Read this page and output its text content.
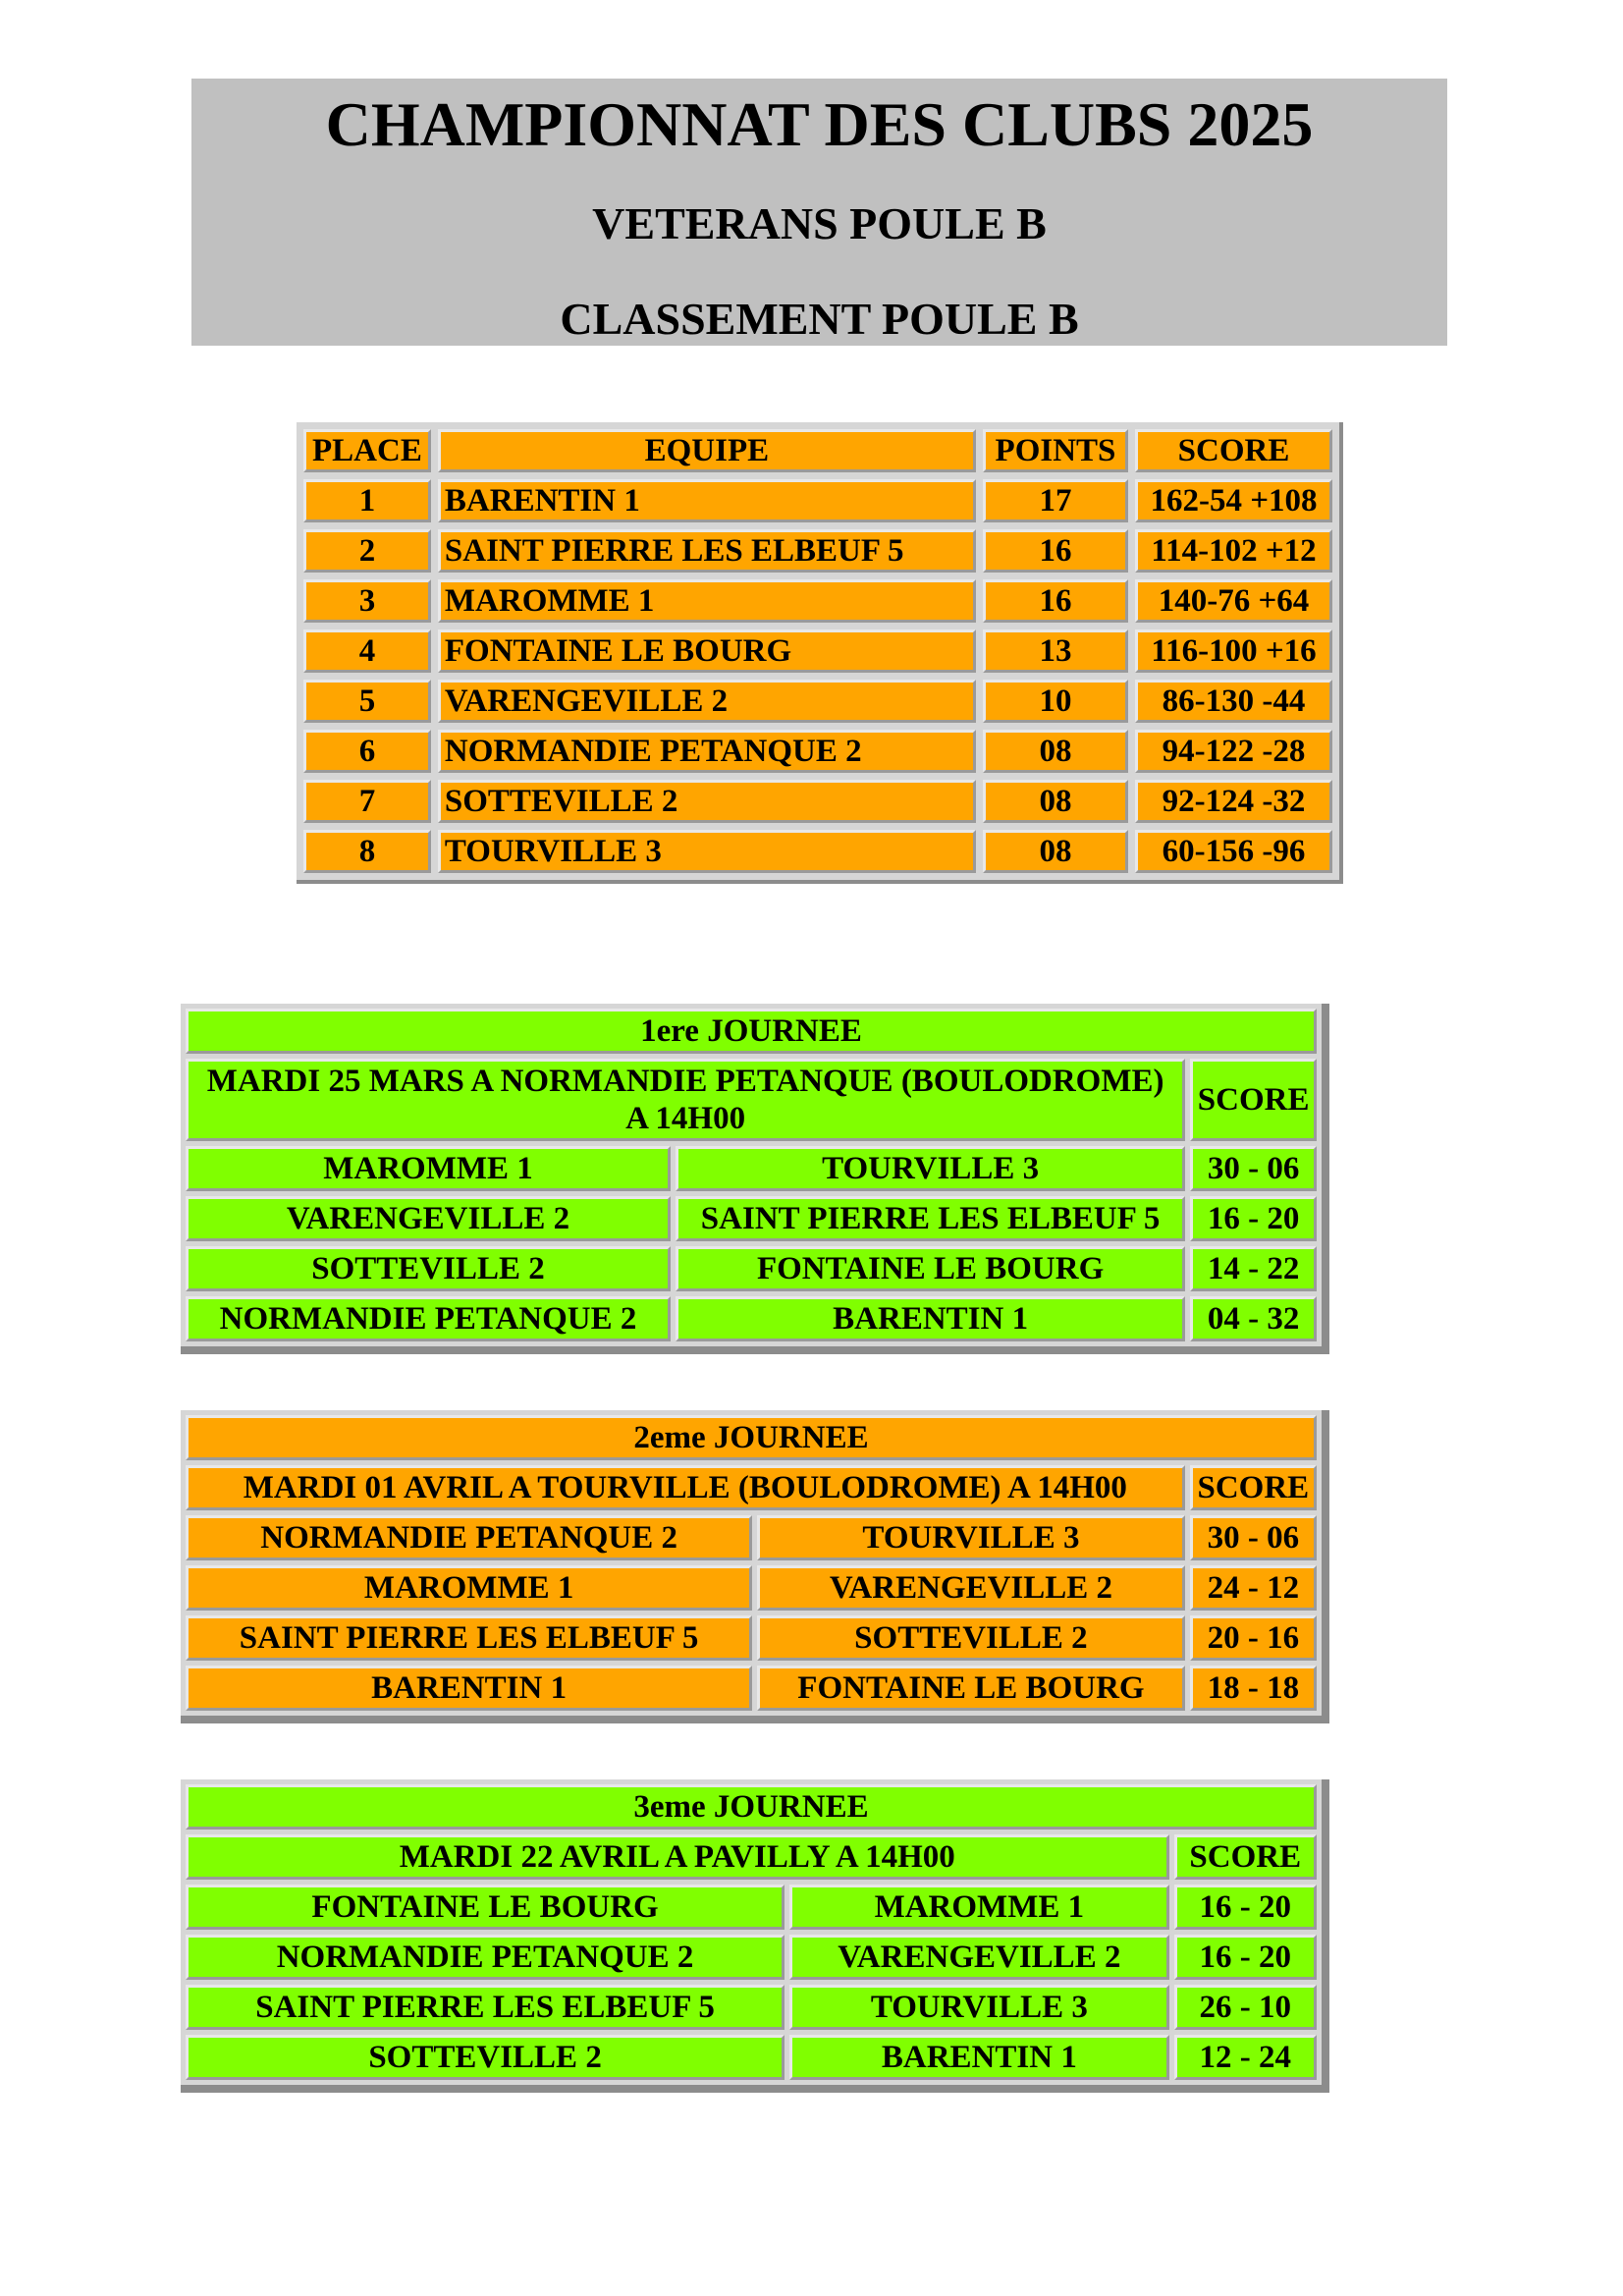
CHAMPIONNAT DES CLUBS 2025
VETERANS POULE B
CLASSEMENT POULE B
PLACE	EQUIPE	POINTS	SCORE
1	BARENTIN 1	17	162-54 +108
2	SAINT PIERRE LES ELBEUF 5	16	114-102 +12
3	MAROMME 1	16	140-76 +64
4	FONTAINE LE BOURG	13	116-100 +16
5	VARENGEVILLE 2	10	86-130 -44
6	NORMANDIE PETANQUE 2	08	94-122 -28
7	SOTTEVILLE 2	08	92-124 -32
8	TOURVILLE 3	08	60-156 -96
1ere JOURNEE		
MARDI 25 MARS A NORMANDIE PETANQUE (BOULODROME) A 14H00		SCORE
MAROMME 1	TOURVILLE 3	30 - 06
VARENGEVILLE 2	SAINT PIERRE LES ELBEUF 5	16 - 20
SOTTEVILLE 2	FONTAINE LE BOURG	14 - 22
NORMANDIE PETANQUE 2	BARENTIN 1	04 - 32
2eme JOURNEE		
MARDI 01 AVRIL A TOURVILLE (BOULODROME) A 14H00		SCORE
NORMANDIE PETANQUE 2	TOURVILLE 3	30 - 06
MAROMME 1	VARENGEVILLE 2	24 - 12
SAINT PIERRE LES ELBEUF 5	SOTTEVILLE 2	20 - 16
BARENTIN 1	FONTAINE LE BOURG	18 - 18
3eme JOURNEE		
MARDI 22 AVRIL A PAVILLY A 14H00		SCORE
FONTAINE LE BOURG	MAROMME 1	16 - 20
NORMANDIE PETANQUE 2	VARENGEVILLE 2	16 - 20
SAINT PIERRE LES ELBEUF 5	TOURVILLE 3	26 - 10
SOTTEVILLE 2	BARENTIN 1	12 - 24
